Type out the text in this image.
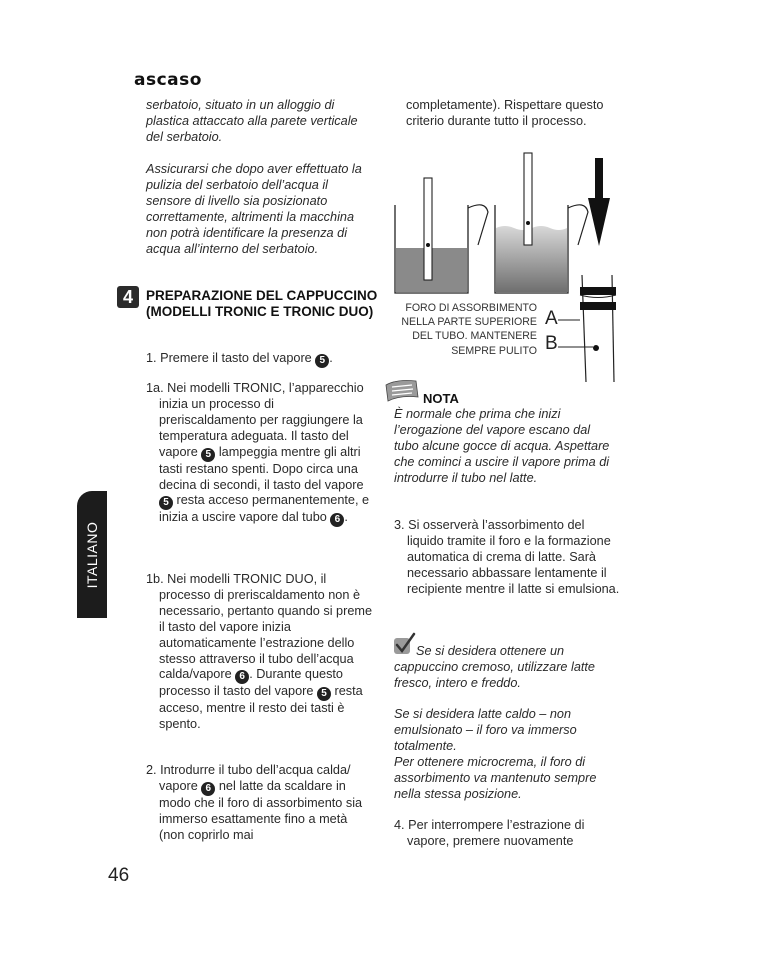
ascaso

serbatoio, situato in un alloggio di plastica attaccato alla parete verticale del serbatoio.

Assicurarsi che dopo aver effettuato la pulizia del serbatoio dell’acqua il sensore di livello sia posizionato correttamente, altrimenti la macchina non potrà identificare la presenza di acqua all’interno del serbatoio.

4 PREPARAZIONE DEL CAPPUCCINO (MODELLI TRONIC E TRONIC DUO)

1. Premere il tasto del vapore 5 .

1a. Nei modelli TRONIC, l’apparecchio inizia un processo di preriscaldamento per raggiungere la temperatura adeguata. Il tasto del vapore 5 lampeggia mentre gli altri tasti restano spenti. Dopo circa una decina di secondi, il tasto del vapore 5 resta acceso permanentemente, e inizia a uscire vapore dal tubo 6 .

1b. Nei modelli TRONIC DUO, il processo di preriscaldamento non è necessario, pertanto quando si preme il tasto del vapore inizia automaticamente l’estrazione dello stesso attraverso il tubo dell’acqua calda/vapore 6 . Durante questo processo il tasto del vapore 5 resta acceso, mentre il resto dei tasti è spento.

2. Introdurre il tubo dell’acqua calda/ vapore 6 nel latte da scaldare in modo che il foro di assorbimento sia immerso esattamente fino a metà (non coprirlo mai

ITALIANO
46

completamente). Rispettare questo criterio durante tutto il processo.

FORO DI ASSORBIMENTO NELLA PARTE SUPERIORE DEL TUBO. MANTENERE SEMPRE PULITO
A
B
NOTA

È normale che prima che inizi l’erogazione del vapore escano dal tubo alcune gocce di acqua. Aspettare che cominci a uscire il vapore prima di introdurre il tubo nel latte.

3. Si osserverà l’assorbimento del liquido tramite il foro e la formazione automatica di crema di latte. Sarà necessario abbassare lentamente il recipiente mentre il latte si emulsiona.

Se si desidera ottenere un cappuccino cremoso, utilizzare latte fresco, intero e freddo.

Se si desidera latte caldo – non emulsionato – il foro va immerso totalmente.

Per ottenere microcrema, il foro di assorbimento va mantenuto sempre nella stessa posizione.

4. Per interrompere l’estrazione di vapore, premere nuovamente
